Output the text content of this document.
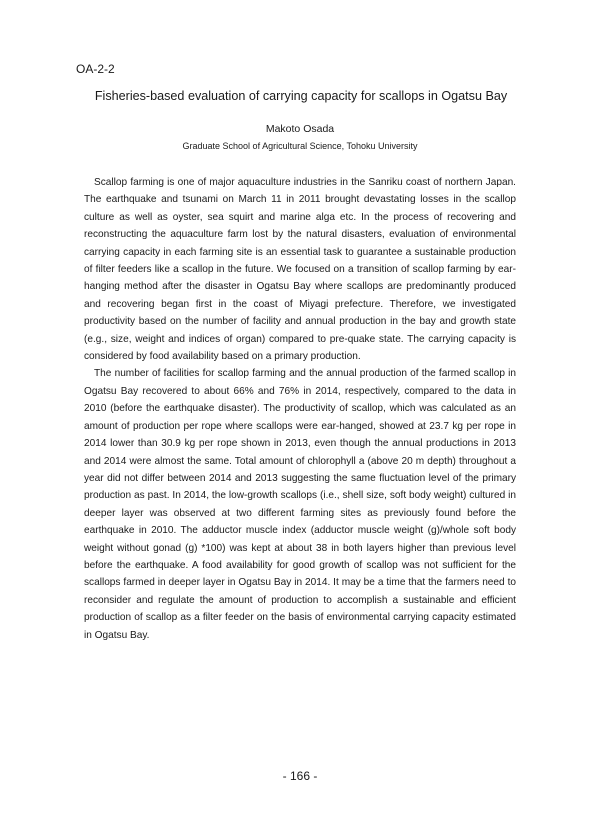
OA-2-2
Fisheries-based evaluation of carrying capacity for scallops in Ogatsu Bay
Makoto Osada
Graduate School of Agricultural Science, Tohoku University

Scallop farming is one of major aquaculture industries in the Sanriku coast of northern Japan. The earthquake and tsunami on March 11 in 2011 brought devastating losses in the scallop culture as well as oyster, sea squirt and marine alga etc. In the process of recovering and reconstructing the aquaculture farm lost by the natural disasters, evaluation of environmental carrying capacity in each farming site is an essential task to guarantee a sustainable production of filter feeders like a scallop in the future. We focused on a transition of scallop farming by ear-hanging method after the disaster in Ogatsu Bay where scallops are predominantly produced and recovering began first in the coast of Miyagi prefecture. Therefore, we investigated productivity based on the number of facility and annual production in the bay and growth state (e.g., size, weight and indices of organ) compared to pre-quake state. The carrying capacity is considered by food availability based on a primary production.

The number of facilities for scallop farming and the annual production of the farmed scallop in Ogatsu Bay recovered to about 66% and 76% in 2014, respectively, compared to the data in 2010 (before the earthquake disaster). The productivity of scallop, which was calculated as an amount of production per rope where scallops were ear-hanged, showed at 23.7 kg per rope in 2014 lower than 30.9 kg per rope shown in 2013, even though the annual productions in 2013 and 2014 were almost the same. Total amount of chlorophyll a (above 20 m depth) throughout a year did not differ between 2014 and 2013 suggesting the same fluctuation level of the primary production as past. In 2014, the low-growth scallops (i.e., shell size, soft body weight) cultured in deeper layer was observed at two different farming sites as previously found before the earthquake in 2010. The adductor muscle index (adductor muscle weight (g)/whole soft body weight without gonad (g) *100) was kept at about 38 in both layers higher than previous level before the earthquake. A food availability for good growth of scallop was not sufficient for the scallops farmed in deeper layer in Ogatsu Bay in 2014. It may be a time that the farmers need to reconsider and regulate the amount of production to accomplish a sustainable and efficient production of scallop as a filter feeder on the basis of environmental carrying capacity estimated in Ogatsu Bay.

- 166 -
